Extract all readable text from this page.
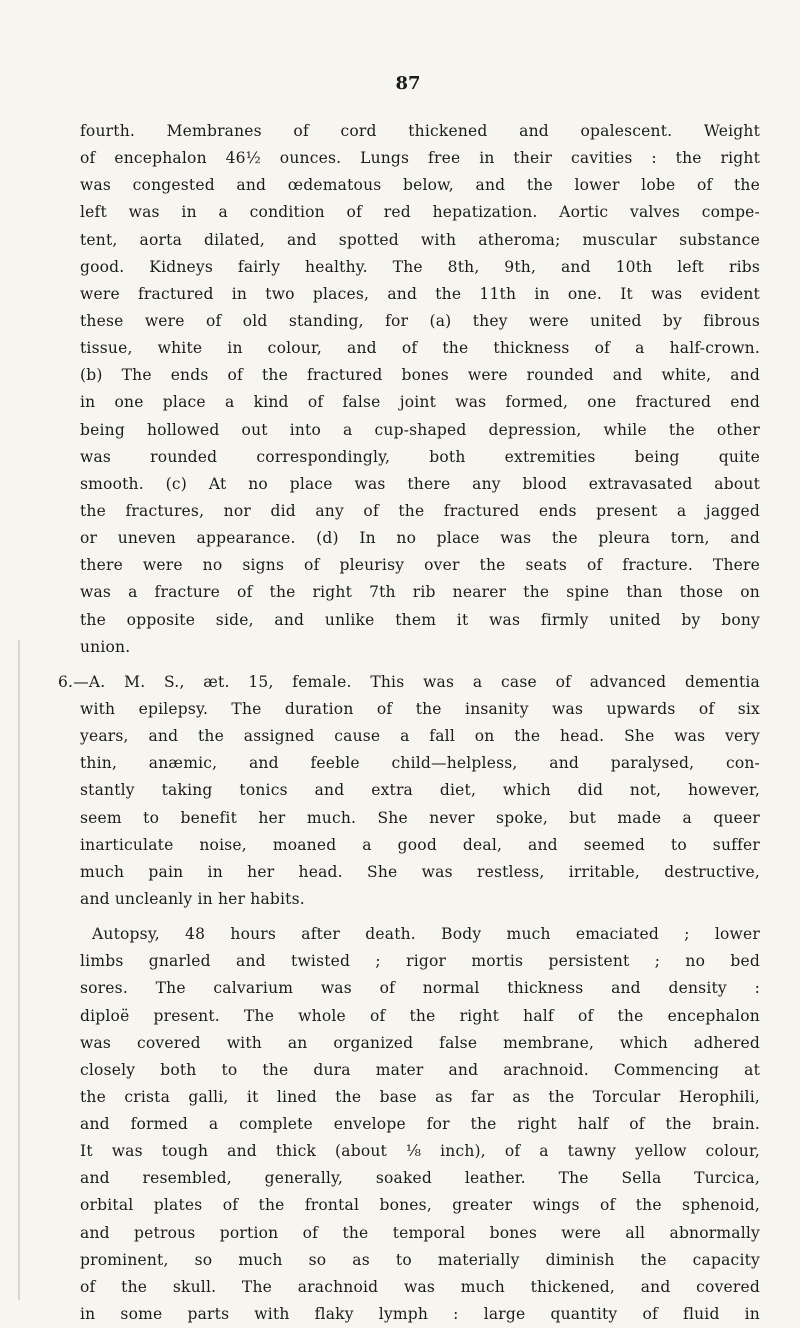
87
fourth. Membranes of cord thickened and opalescent. Weight
of encephalon 46½ ounces. Lungs free in their cavities : the right
was congested and œdematous below, and the lower lobe of the
left was in a condition of red hepatization. Aortic valves compe-
tent, aorta dilated, and spotted with atheroma; muscular substance
good. Kidneys fairly healthy. The 8th, 9th, and 10th left ribs
were fractured in two places, and the 11th in one. It was evident
these were of old standing, for (a) they were united by fibrous
tissue, white in colour, and of the thickness of a half-crown.
(b) The ends of the fractured bones were rounded and white, and
in one place a kind of false joint was formed, one fractured end
being hollowed out into a cup-shaped depression, while the other
was rounded correspondingly, both extremities being quite
smooth. (c) At no place was there any blood extravasated about
the fractures, nor did any of the fractured ends present a jagged
or uneven appearance. (d) In no place was the pleura torn, and
there were no signs of pleurisy over the seats of fracture. There
was a fracture of the right 7th rib nearer the spine than those on
the opposite side, and unlike them it was firmly united by bony
union.
6.—A. M. S., æt. 15, female. This was a case of advanced dementia
with epilepsy. The duration of the insanity was upwards of six
years, and the assigned cause a fall on the head. She was very
thin, anæmic, and feeble child—helpless, and paralysed, con-
stantly taking tonics and extra diet, which did not, however,
seem to benefit her much. She never spoke, but made a queer
inarticulate noise, moaned a good deal, and seemed to suffer
much pain in her head. She was restless, irritable, destructive,
and uncleanly in her habits.
Autopsy, 48 hours after death. Body much emaciated ; lower
limbs gnarled and twisted ; rigor mortis persistent ; no bed
sores. The calvarium was of normal thickness and density :
diploë present. The whole of the right half of the encephalon
was covered with an organized false membrane, which adhered
closely both to the dura mater and arachnoid. Commencing at
the crista galli, it lined the base as far as the Torcular Herophili,
and formed a complete envelope for the right half of the brain.
It was tough and thick (about ⅛ inch), of a tawny yellow colour,
and resembled, generally, soaked leather. The Sella Turcica,
orbital plates of the frontal bones, greater wings of the sphenoid,
and petrous portion of the temporal bones were all abnormally
prominent, so much so as to materially diminish the capacity
of the skull. The arachnoid was much thickened, and covered
in some parts with flaky lymph : large quantity of fluid in
